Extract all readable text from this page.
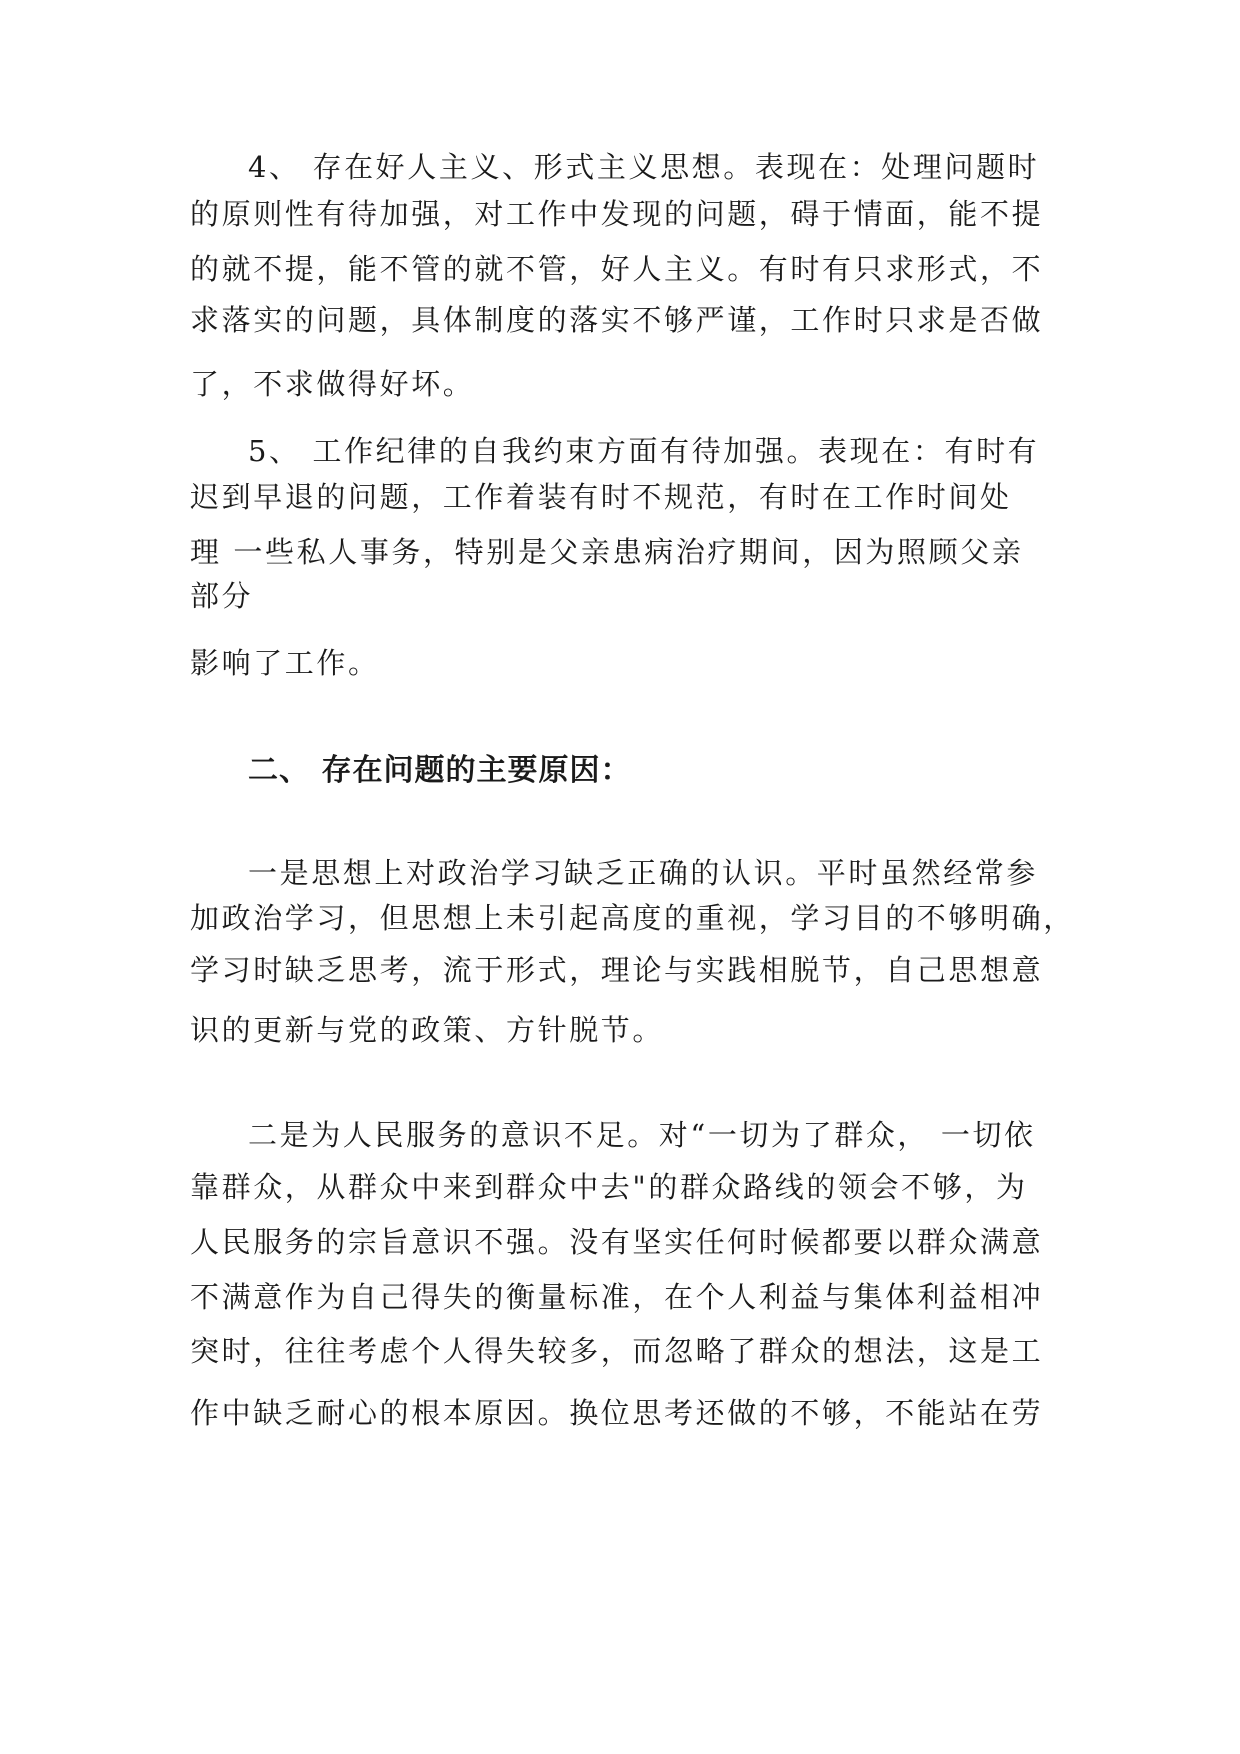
4、 存在好人主义、形式主义思想。表现在：处理问题时
的原则性有待加强，对工作中发现的问题，碍于情面，能不提
的就不提，能不管的就不管，好人主义。有时有只求形式，不
求落实的问题，具体制度的落实不够严谨，工作时只求是否做
了，不求做得好坏。
5、 工作纪律的自我约束方面有待加强。表现在：有时有
迟到早退的问题，工作着装有时不规范，有时在工作时间处
理 一些私人事务，特别是父亲患病治疗期间，因为照顾父亲
部分
影响了工作。
二、 存在问题的主要原因：
一是思想上对政治学习缺乏正确的认识。平时虽然经常参
加政治学习，但思想上未引起高度的重视，学习目的不够明确，
学习时缺乏思考，流于形式，理论与实践相脱节，自己思想意
识的更新与党的政策、方针脱节。
二是为人民服务的意识不足。对“一切为了群众， 一切依
靠群众，从群众中来到群众中去"的群众路线的领会不够，为
人民服务的宗旨意识不强。没有坚实任何时候都要以群众满意
不满意作为自己得失的衡量标准，在个人利益与集体利益相冲
突时，往往考虑个人得失较多，而忽略了群众的想法，这是工
作中缺乏耐心的根本原因。换位思考还做的不够，不能站在劳
